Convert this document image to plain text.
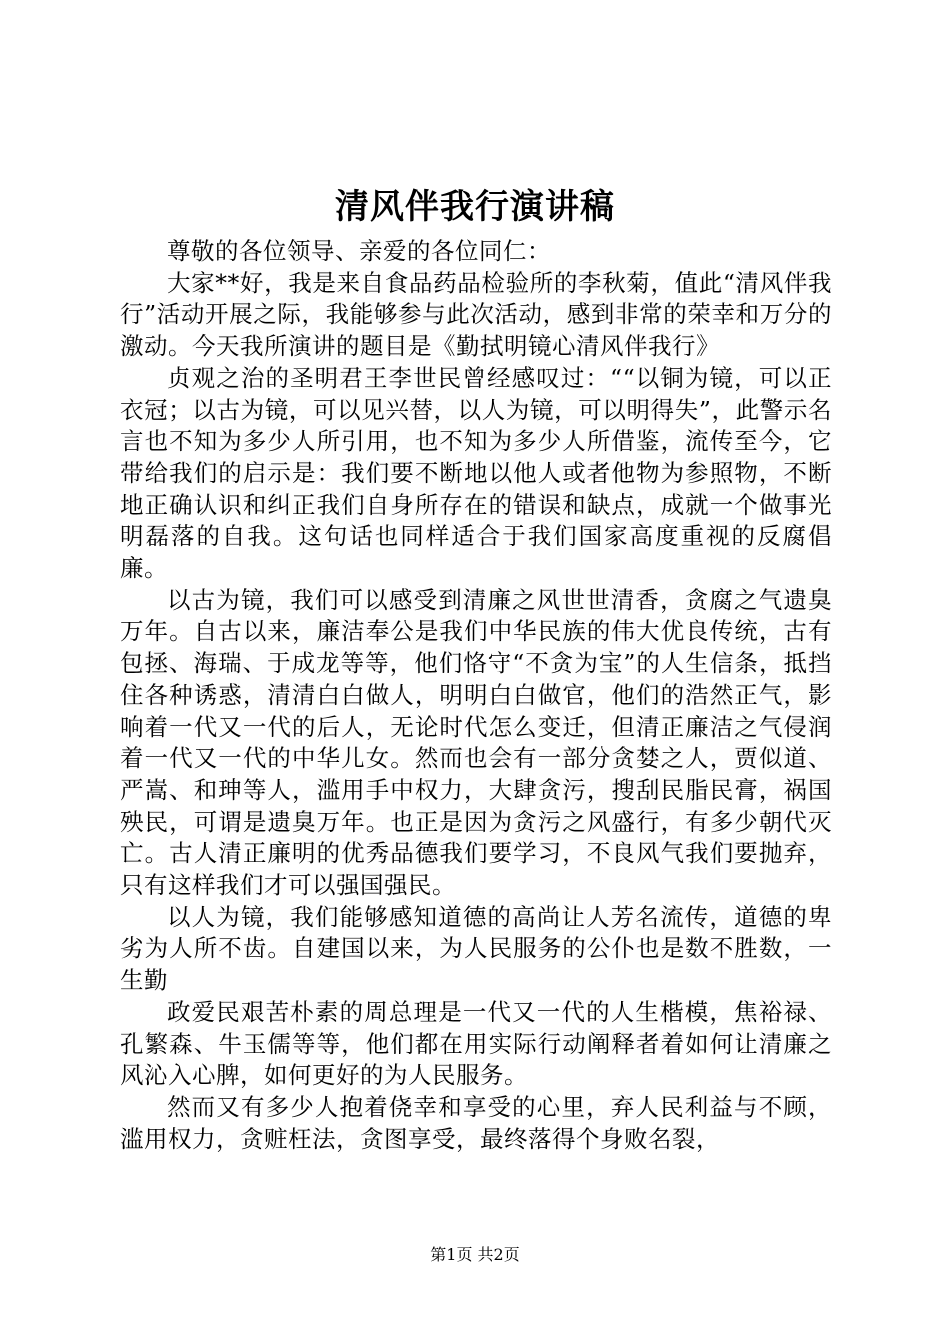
清风伴我行演讲稿

尊敬的各位领导、亲爱的各位同仁：

大家**好，我是来自食品药品检验所的李秋菊，值此“清风伴我行”活动开展之际，我能够参与此次活动，感到非常的荣幸和万分的激动。今天我所演讲的题目是《勤拭明镜心清风伴我行》

贞观之治的圣明君王李世民曾经感叹过：““以铜为镜，可以正衣冠；以古为镜，可以见兴替，以人为镜，可以明得失”，此警示名言也不知为多少人所引用，也不知为多少人所借鉴，流传至今，它带给我们的启示是：我们要不断地以他人或者他物为参照物，不断地正确认识和纠正我们自身所存在的错误和缺点，成就一个做事光明磊落的自我。这句话也同样适合于我们国家高度重视的反腐倡廉。

以古为镜，我们可以感受到清廉之风世世清香，贪腐之气遗臭万年。自古以来，廉洁奉公是我们中华民族的伟大优良传统，古有包拯、海瑞、于成龙等等，他们恪守“不贪为宝”的人生信条，抵挡住各种诱惑，清清白白做人，明明白白做官，他们的浩然正气，影响着一代又一代的后人，无论时代怎么变迁，但清正廉洁之气侵润着一代又一代的中华儿女。然而也会有一部分贪婪之人，贾似道、严嵩、和珅等人，滥用手中权力，大肆贪污，搜刮民脂民膏，祸国殃民，可谓是遗臭万年。也正是因为贪污之风盛行，有多少朝代灭亡。古人清正廉明的优秀品德我们要学习，不良风气我们要抛弃，只有这样我们才可以强国强民。

以人为镜，我们能够感知道德的高尚让人芳名流传，道德的卑劣为人所不齿。自建国以来，为人民服务的公仆也是数不胜数，一生勤

政爱民艰苦朴素的周总理是一代又一代的人生楷模，焦裕禄、孔繁森、牛玉儒等等，他们都在用实际行动阐释者着如何让清廉之风沁入心脾，如何更好的为人民服务。

然而又有多少人抱着侥幸和享受的心里，弃人民利益与不顾，滥用权力，贪赃枉法，贪图享受，最终落得个身败名裂，

第1页 共2页
